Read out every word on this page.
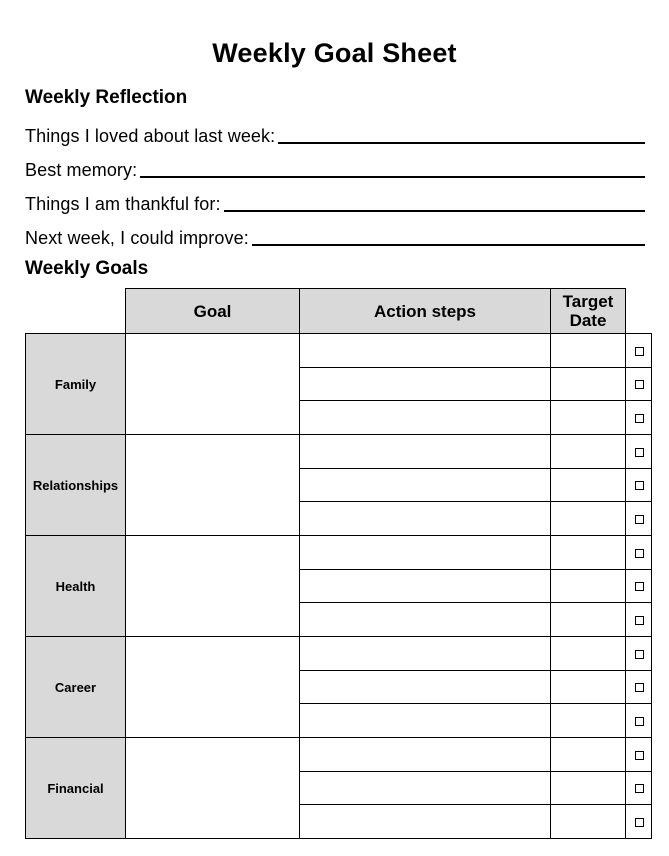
Weekly Goal Sheet
Weekly Reflection
Things I loved about last week:
Best memory:
Things I am thankful for:
Next week, I could improve:
Weekly Goals
Goal	Action steps	Target Date
Family
Relationships
Health
Career
Financial
